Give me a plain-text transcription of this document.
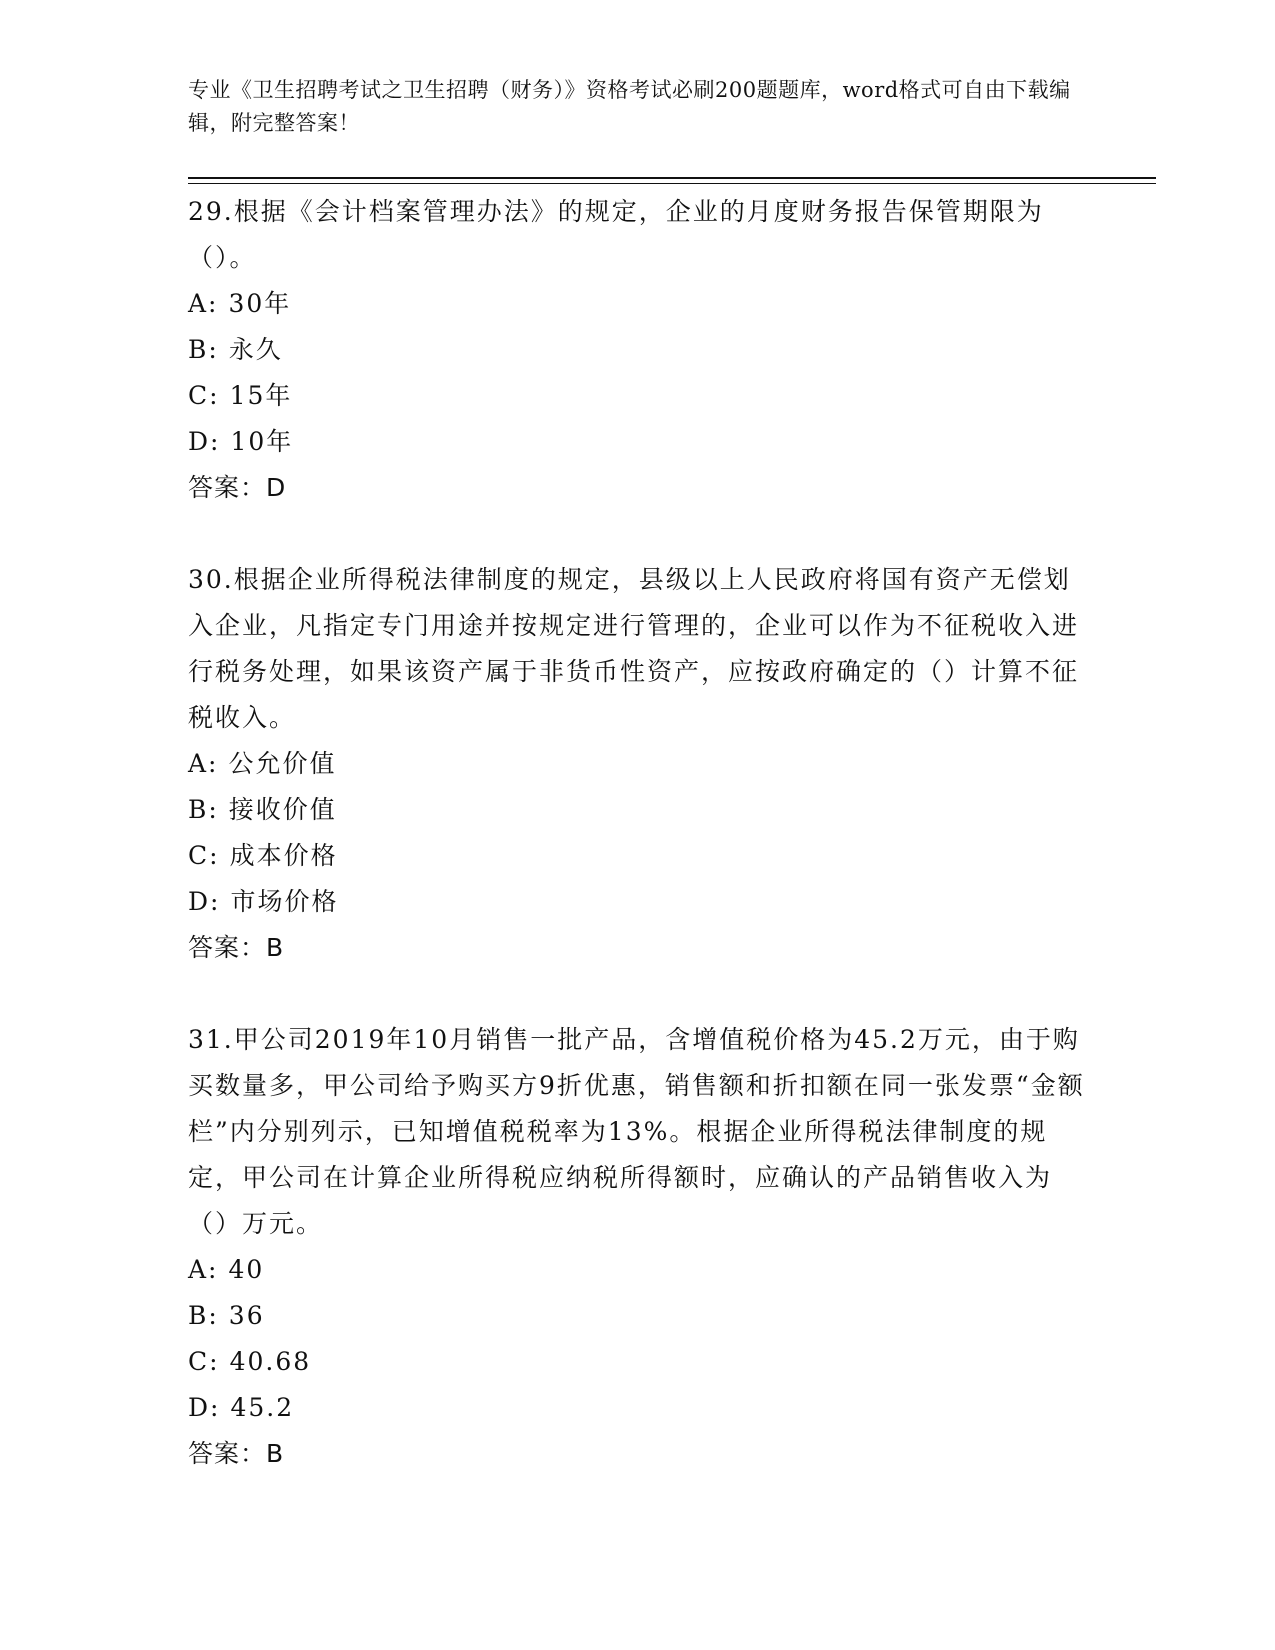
专业《卫生招聘考试之卫生招聘（财务）》资格考试必刷200题题库，word格式可自由下载编辑，附完整答案！

29.根据《会计档案管理办法》的规定，企业的月度财务报告保管期限为（）。

A: 30年

B: 永久

C: 15年

D: 10年

答案：D

30.根据企业所得税法律制度的规定，县级以上人民政府将国有资产无偿划入企业，凡指定专门用途并按规定进行管理的，企业可以作为不征税收入进行税务处理，如果该资产属于非货币性资产，应按政府确定的（）计算不征税收入。

A: 公允价值

B: 接收价值

C: 成本价格

D: 市场价格

答案：B

31.甲公司2019年10月销售一批产品，含增值税价格为45.2万元，由于购买数量多，甲公司给予购买方9折优惠，销售额和折扣额在同一张发票“金额栏”内分别列示，已知增值税税率为13%。根据企业所得税法律制度的规定，甲公司在计算企业所得税应纳税所得额时，应确认的产品销售收入为（）万元。

A: 40

B: 36

C: 40.68

D: 45.2

答案：B
